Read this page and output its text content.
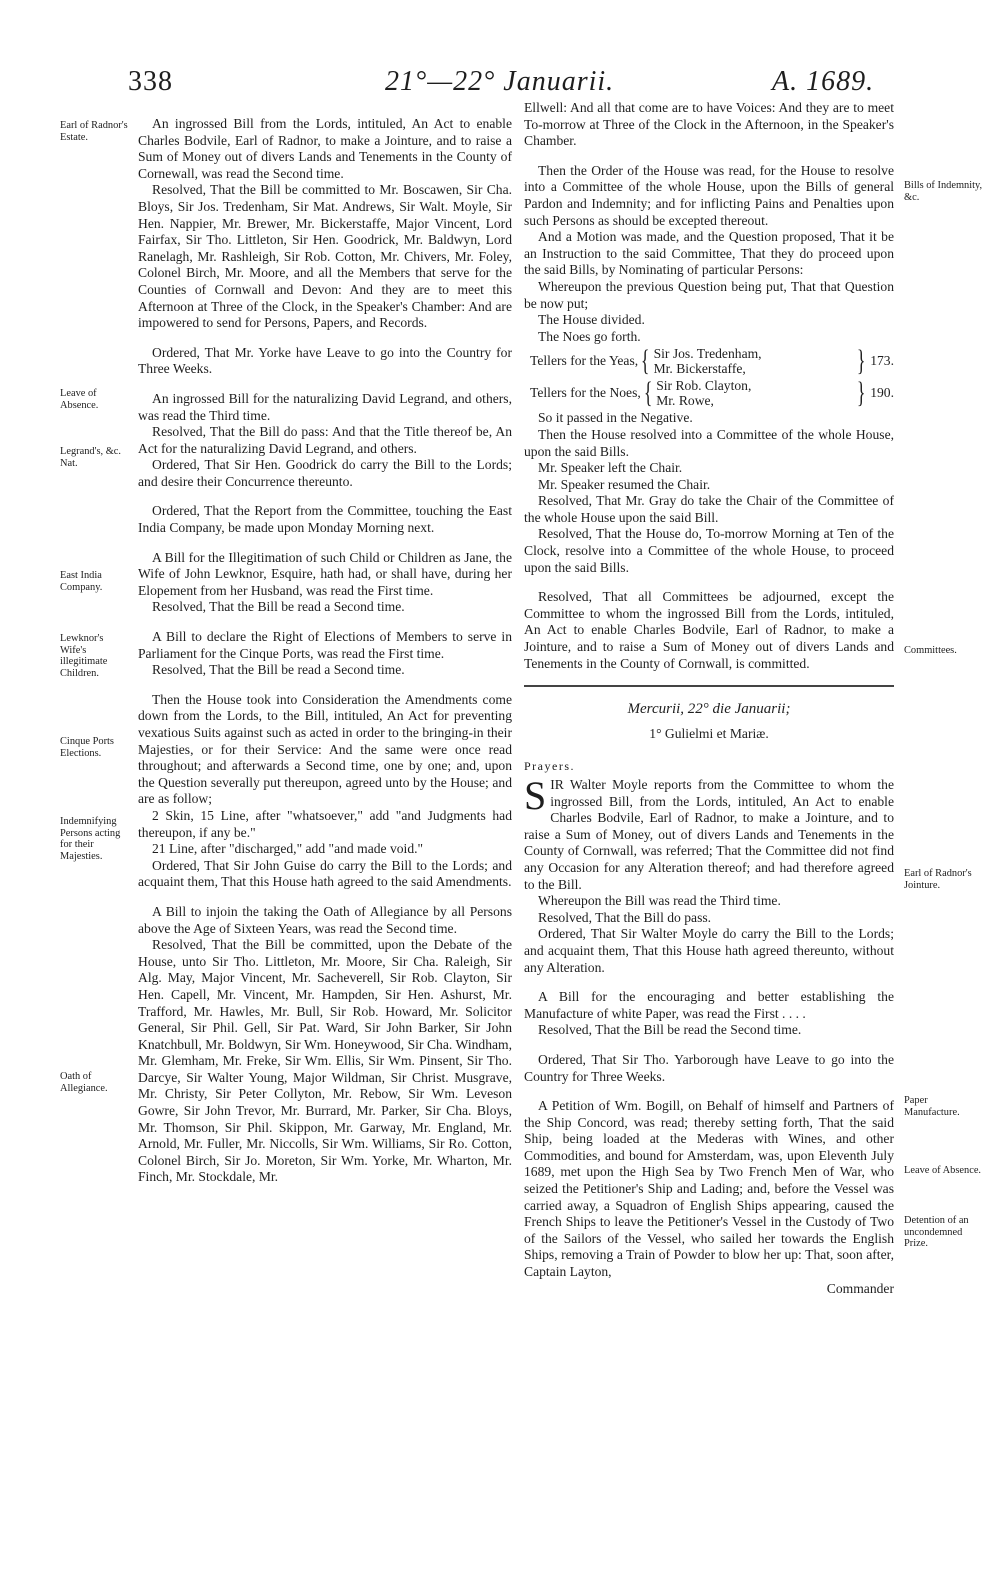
338	21°—22° Januarii.	A. 1689.
Earl of Radnor's Estate.
Leave of Absence.
Legrand's, &c. Nat.
East India Company.
Lewknor's Wife's illegitimate Children.
Cinque Ports Elections.
Indemnifying Persons acting for their Majesties.
Oath of Allegiance.

An ingrossed Bill from the Lords, intituled, An Act to enable Charles Bodvile, Earl of Radnor, to make a Jointure, and to raise a Sum of Money out of divers Lands and Tenements in the County of Cornewall, was read the Second time.

Resolved, That the Bill be committed to Mr. Boscawen, Sir Cha. Bloys, Sir Jos. Tredenham, Sir Mat. Andrews, Sir Walt. Moyle, Sir Hen. Nappier, Mr. Brewer, Mr. Bickerstaffe, Major Vincent, Lord Fairfax, Sir Tho. Littleton, Sir Hen. Goodrick, Mr. Baldwyn, Lord Ranelagh, Mr. Rashleigh, Sir Rob. Cotton, Mr. Chivers, Mr. Foley, Colonel Birch, Mr. Moore, and all the Members that serve for the Counties of Cornwall and Devon: And they are to meet this Afternoon at Three of the Clock, in the Speaker's Chamber: And are impowered to send for Persons, Papers, and Records.

Ordered, That Mr. Yorke have Leave to go into the Country for Three Weeks.

An ingrossed Bill for the naturalizing David Legrand, and others, was read the Third time.

Resolved, That the Bill do pass: And that the Title thereof be, An Act for the naturalizing David Legrand, and others.

Ordered, That Sir Hen. Goodrick do carry the Bill to the Lords; and desire their Concurrence thereunto.

Ordered, That the Report from the Committee, touching the East India Company, be made upon Monday Morning next.

A Bill for the Illegitimation of such Child or Children as Jane, the Wife of John Lewknor, Esquire, hath had, or shall have, during her Elopement from her Husband, was read the First time.

Resolved, That the Bill be read a Second time.

A Bill to declare the Right of Elections of Members to serve in Parliament for the Cinque Ports, was read the First time.

Resolved, That the Bill be read a Second time.

Then the House took into Consideration the Amendments come down from the Lords, to the Bill, intituled, An Act for preventing vexatious Suits against such as acted in order to the bringing-in their Majesties, or for their Service: And the same were once read throughout; and afterwards a Second time, one by one; and, upon the Question severally put thereupon, agreed unto by the House; and are as follow;

2 Skin, 15 Line, after "whatsoever," add "and Judgments had thereupon, if any be."

21 Line, after "discharged," add "and made void."

Ordered, That Sir John Guise do carry the Bill to the Lords; and acquaint them, That this House hath agreed to the said Amendments.

A Bill to injoin the taking the Oath of Allegiance by all Persons above the Age of Sixteen Years, was read the Second time.

Resolved, That the Bill be committed, upon the Debate of the House, unto Sir Tho. Littleton, Mr. Moore, Sir Cha. Raleigh, Sir Alg. May, Major Vincent, Mr. Sacheverell, Sir Rob. Clayton, Sir Hen. Capell, Mr. Vincent, Mr. Hampden, Sir Hen. Ashurst, Mr. Trafford, Mr. Hawles, Mr. Bull, Sir Rob. Howard, Mr. Solicitor General, Sir Phil. Gell, Sir Pat. Ward, Sir John Barker, Sir John Knatchbull, Mr. Boldwyn, Sir Wm. Honeywood, Sir Cha. Windham, Mr. Glemham, Mr. Freke, Sir Wm. Ellis, Sir Wm. Pinsent, Sir Tho. Darcye, Sir Walter Young, Major Wildman, Sir Christ. Musgrave, Mr. Christy, Sir Peter Collyton, Mr. Rebow, Sir Wm. Leveson Gowre, Sir John Trevor, Mr. Burrard, Mr. Parker, Sir Cha. Bloys, Mr. Thomson, Sir Phil. Skippon, Mr. Garway, Mr. England, Mr. Arnold, Mr. Fuller, Mr. Niccolls, Sir Wm. Williams, Sir Ro. Cotton, Colonel Birch, Sir Jo. Moreton, Sir Wm. Yorke, Mr. Wharton, Mr. Finch, Mr. Stockdale, Mr.

Bills of Indemnity, &c.
Committees.
Earl of Radnor's Jointure.
Paper Manufacture.
Leave of Absence.
Detention of an uncondemned Prize.

Ellwell: And all that come are to have Voices: And they are to meet To-morrow at Three of the Clock in the Afternoon, in the Speaker's Chamber.

Then the Order of the House was read, for the House to resolve into a Committee of the whole House, upon the Bills of general Pardon and Indemnity; and for inflicting Pains and Penalties upon such Persons as should be excepted thereout.

And a Motion was made, and the Question proposed, That it be an Instruction to the said Committee, That they do proceed upon the said Bills, by Nominating of particular Persons:

Whereupon the previous Question being put, That that Question be now put;

The House divided.

The Noes go forth.

Tellers for the Yeas, { Sir Jos. Tredenham,
Mr. Bickerstaffe,	} 173.
Tellers for the Noes, { Sir Rob. Clayton,
Mr. Rowe,	} 190.

So it passed in the Negative.

Then the House resolved into a Committee of the whole House, upon the said Bills.

Mr. Speaker left the Chair.

Mr. Speaker resumed the Chair.

Resolved, That Mr. Gray do take the Chair of the Committee of the whole House upon the said Bill.

Resolved, That the House do, To-morrow Morning at Ten of the Clock, resolve into a Committee of the whole House, to proceed upon the said Bills.

Resolved, That all Committees be adjourned, except the Committee to whom the ingrossed Bill from the Lords, intituled, An Act to enable Charles Bodvile, Earl of Radnor, to make a Jointure, and to raise a Sum of Money out of divers Lands and Tenements in the County of Cornwall, is committed.

Mercurii, 22° die Januarii;
1° Gulielmi et Mariæ.
Prayers.

SIR Walter Moyle reports from the Committee to whom the ingrossed Bill, from the Lords, intituled, An Act to enable Charles Bodvile, Earl of Radnor, to make a Jointure, and to raise a Sum of Money, out of divers Lands and Tenements in the County of Cornwall, was referred; That the Committee did not find any Occasion for any Alteration thereof; and had therefore agreed to the Bill.

Whereupon the Bill was read the Third time.

Resolved, That the Bill do pass.

Ordered, That Sir Walter Moyle do carry the Bill to the Lords; and acquaint them, That this House hath agreed thereunto, without any Alteration.

A Bill for the encouraging and better establishing the Manufacture of white Paper, was read the First . . . .

Resolved, That the Bill be read the Second time.

Ordered, That Sir Tho. Yarborough have Leave to go into the Country for Three Weeks.

A Petition of Wm. Bogill, on Behalf of himself and Partners of the Ship Concord, was read; thereby setting forth, That the said Ship, being loaded at the Mederas with Wines, and other Commodities, and bound for Amsterdam, was, upon Eleventh July 1689, met upon the High Sea by Two French Men of War, who seized the Petitioner's Ship and Lading; and, before the Vessel was carried away, a Squadron of English Ships appearing, caused the French Ships to leave the Petitioner's Vessel in the Custody of Two of the Sailors of the Vessel, who sailed her towards the English Ships, removing a Train of Powder to blow her up: That, soon after, Captain Layton,

Commander
